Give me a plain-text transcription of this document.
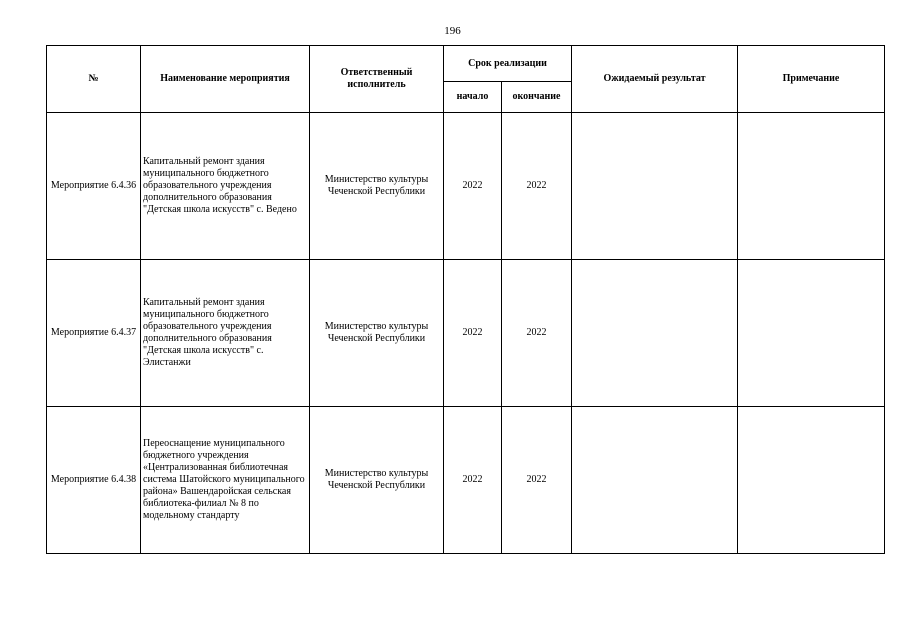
196
№	Наименование мероприятия	Ответственный исполнитель	Срок реализации		Ожидаемый результат	Примечание
			начало	окончание		
Мероприятие 6.4.36	Капитальный ремонт здания муниципального бюджетного образовательного учреждения дополнительного образования "Детская школа искусств" с. Ведено	Министерство культуры Чеченской Республики	2022	2022		
Мероприятие 6.4.37	Капитальный ремонт здания муниципального бюджетного образовательного учреждения дополнительного образования "Детская школа искусств" с. Элистанжи	Министерство культуры Чеченской Республики	2022	2022		
Мероприятие 6.4.38	Переоснащение муниципального бюджетного учреждения «Централизованная библиотечная система Шатойского муниципального района» Вашендаройская сельская библиотека-филиал № 8 по модельному стандарту	Министерство культуры Чеченской Республики	2022	2022		
